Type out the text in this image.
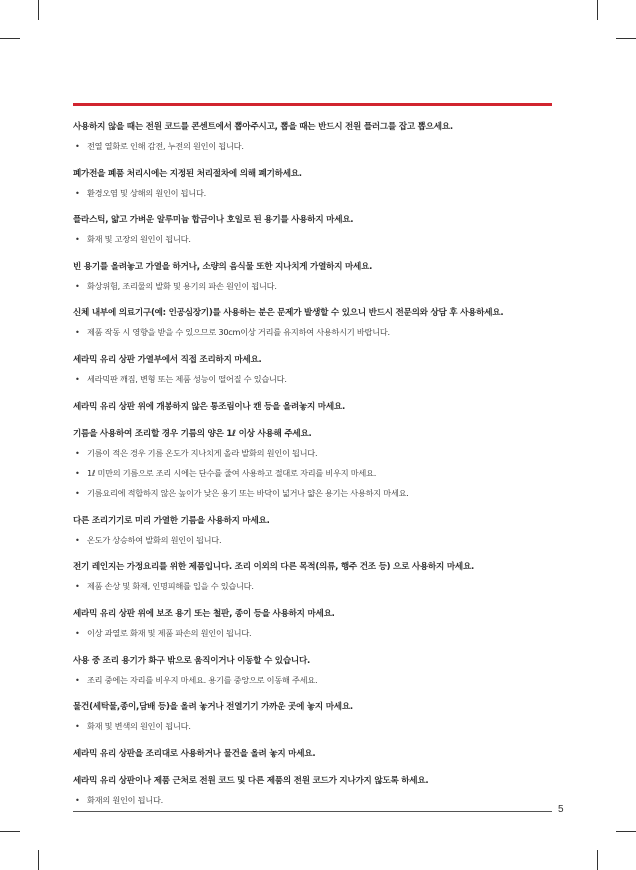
사용하지 않을 때는 전원 코드를 콘센트에서 뽑아주시고, 뽑을 때는 반드시 전원 플러그를 잡고 뽑으세요.
• 전열 열화로 인해 감전, 누전의 원인이 됩니다.
폐가전을 폐품 처리시에는 지정된 처리절차에 의해 폐기하세요.
• 환경오염 및 상해의 원인이 됩니다.
플라스틱, 얇고 가벼운 알루미늄 합금이나 호일로 된 용기를 사용하지 마세요.
• 화재 및 고장의 원인이 됩니다.
빈 용기를 올려놓고 가열을 하거나, 소량의 음식물 또한 지나치게 가열하지 마세요.
• 화상위험, 조리물의 발화 및 용기의 파손 원인이 됩니다.
신체 내부에 의료기구(예: 인공심장기)를 사용하는 분은 문제가 발생할 수 있으니 반드시 전문의와 상담 후 사용하세요.
• 제품 작동 시 영향을 받을 수 있으므로 30cm이상 거리를 유지하여 사용하시기 바랍니다.
세라믹 유리 상판 가열부에서 직접 조리하지 마세요.
• 세라믹판 깨짐, 변형 또는 제품 성능이 떨어질 수 있습니다.
세라믹 유리 상판 위에 개봉하지 않은 통조림이나 캔 등을 올려놓지 마세요.
기름을 사용하여 조리할 경우 기름의 양은 1ℓ 이상 사용해 주세요.
• 기름이 적은 경우 기름 온도가 지나치게 올라 발화의 원인이 됩니다.
• 1ℓ 미만의 기름으로 조리 시에는 단수를 줄여 사용하고 절대로 자리를 비우지 마세요.
• 기름요리에 적합하지 않은 높이가 낮은 용기 또는 바닥이 넓거나 얇은 용기는 사용하지 마세요.
다른 조리기기로 미리 가열한 기름을 사용하지 마세요.
• 온도가 상승하여 발화의 원인이 됩니다.
전기 레인지는 가정요리를 위한 제품입니다. 조리 이외의 다른 목적(의류, 행주 건조 등) 으로 사용하지 마세요.
• 제품 손상 및 화재, 인명피해를 입을 수 있습니다.
세라믹 유리 상판 위에 보조 용기 또는 철판, 종이 등을 사용하지 마세요.
• 이상 과열로 화재 및 제품 파손의 원인이 됩니다.
사용 중 조리 용기가 화구 밖으로 움직이거나 이동할 수 있습니다.
• 조리 중에는 자리를 비우지 마세요. 용기를 중앙으로 이동해 주세요.
물건(세탁물,종이,담배 등)을 올려 놓거나 전열기기 가까운 곳에 놓지 마세요.
• 화재 및 변색의 원인이 됩니다.
세라믹 유리 상판을 조리대로 사용하거나 물건을 올려 놓지 마세요.
세라믹 유리 상판이나 제품 근처로 전원 코드 및 다른 제품의 전원 코드가 지나가지 않도록 하세요.
• 화재의 원인이 됩니다.
5
